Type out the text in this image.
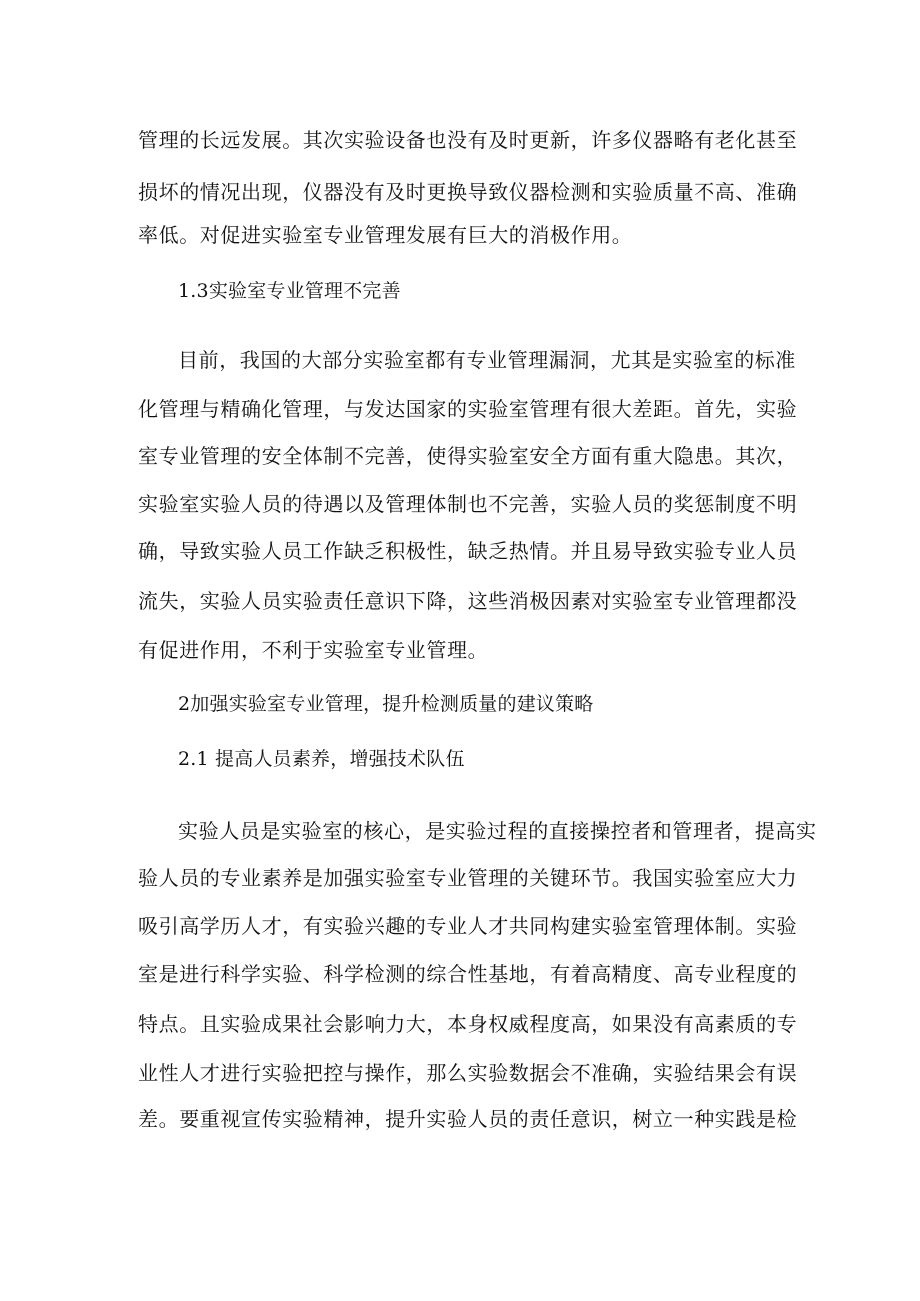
管理的长远发展。其次实验设备也没有及时更新，许多仪器略有老化甚至
损坏的情况出现，仪器没有及时更换导致仪器检测和实验质量不高、准确
率低。对促进实验室专业管理发展有巨大的消极作用。
1.3实验室专业管理不完善
目前，我国的大部分实验室都有专业管理漏洞，尤其是实验室的标准
化管理与精确化管理，与发达国家的实验室管理有很大差距。首先，实验
室专业管理的安全体制不完善，使得实验室安全方面有重大隐患。其次，
实验室实验人员的待遇以及管理体制也不完善，实验人员的奖惩制度不明
确，导致实验人员工作缺乏积极性，缺乏热情。并且易导致实验专业人员
流失，实验人员实验责任意识下降，这些消极因素对实验室专业管理都没
有促进作用，不利于实验室专业管理。
2加强实验室专业管理，提升检测质量的建议策略
2.1 提高人员素养，增强技术队伍
实验人员是实验室的核心，是实验过程的直接操控者和管理者，提高实
验人员的专业素养是加强实验室专业管理的关键环节。我国实验室应大力
吸引高学历人才，有实验兴趣的专业人才共同构建实验室管理体制。实验
室是进行科学实验、科学检测的综合性基地，有着高精度、高专业程度的
特点。且实验成果社会影响力大，本身权威程度高，如果没有高素质的专
业性人才进行实验把控与操作，那么实验数据会不准确，实验结果会有误
差。要重视宣传实验精神，提升实验人员的责任意识，树立一种实践是检
